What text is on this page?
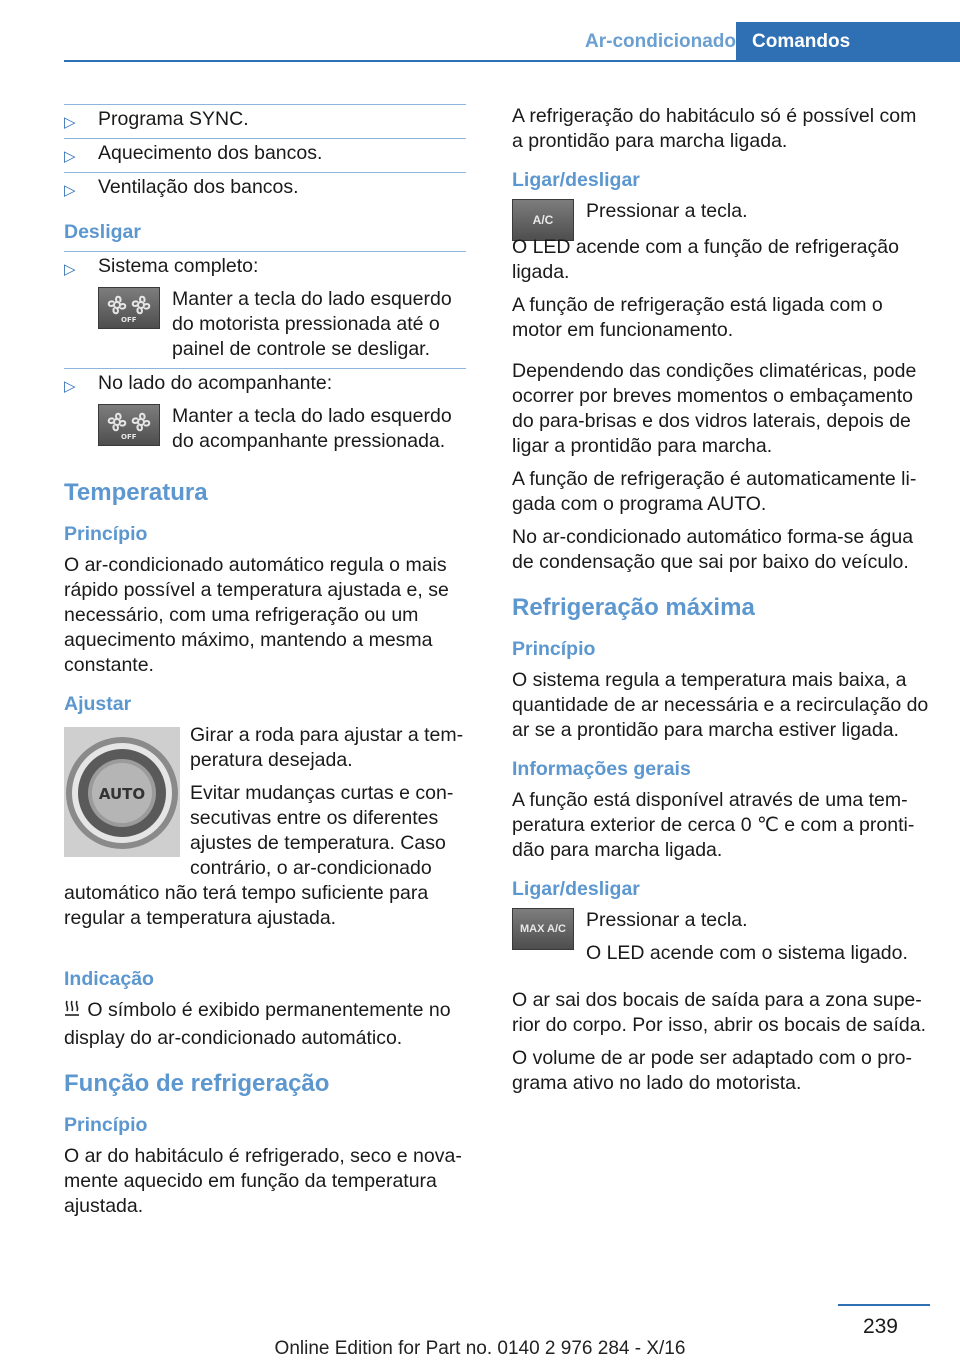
Ar-condicionado Comandos
▷ Programa SYNC.
▷ Aquecimento dos bancos.
▷ Ventilação dos bancos.
Desligar
▷ Sistema completo:
OFF
Manter a tecla do lado esquerdo do motorista pressionada até o painel de controle se desligar.
▷ No lado do acompanhante:
OFF
Manter a tecla do lado esquerdo do acompanhante pressionada.
Temperatura
Princípio

O ar-condicionado automático regula o mais rápido possível a temperatura ajustada e, se necessário, com uma refrigeração ou um aquecimento máximo, mantendo a mesma constante.

Ajustar
AUTO

Girar a roda para ajustar a temperatura desejada.

Evitar mudanças curtas e consecutivas entre os diferentes ajustes de temperatura. Caso contrário, o ar-condicionado automático não terá tempo suficiente para regular a temperatura ajustada.

Indicação

O símbolo é exibido permanentemente no display do ar-condicionado automático.

Função de refrigeração
Princípio

O ar do habitáculo é refrigerado, seco e novamente aquecido em função da temperatura ajustada.

A refrigeração do habitáculo só é possível com a prontidão para marcha ligada.

Ligar/desligar
A/C	Pressionar a tecla.

O LED acende com a função de refrigeração ligada.

A função de refrigeração está ligada com o motor em funcionamento.

Dependendo das condições climatéricas, pode ocorrer por breves momentos o embaçamento do para-brisas e dos vidros laterais, depois de ligar a prontidão para marcha.

A função de refrigeração é automaticamente ligada com o programa AUTO.

No ar-condicionado automático forma-se água de condensação que sai por baixo do veículo.

Refrigeração máxima
Princípio

O sistema regula a temperatura mais baixa, a quantidade de ar necessária e a recirculação do ar se a prontidão para marcha estiver ligada.

Informações gerais

A função está disponível através de uma temperatura exterior de cerca 0 ℃ e com a prontidão para marcha ligada.

Ligar/desligar
MAX A/C	Pressionar a tecla.

O LED acende com o sistema ligado.

O ar sai dos bocais de saída para a zona superior do corpo. Por isso, abrir os bocais de saída.

O volume de ar pode ser adaptado com o programa ativo no lado do motorista.

239
Online Edition for Part no. 0140 2 976 284 - X/16
